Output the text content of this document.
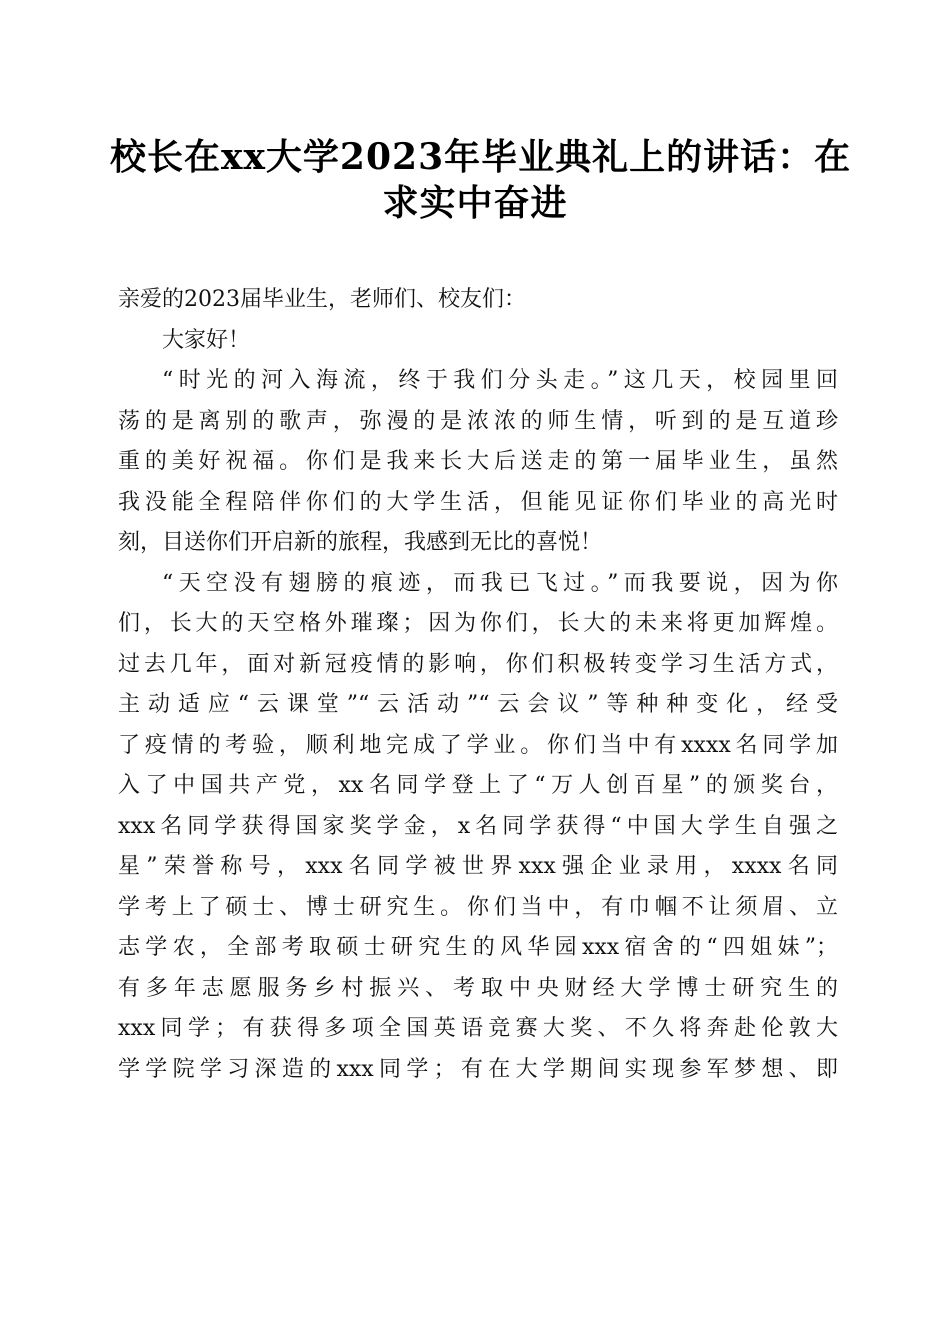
校长在xx大学2023年毕业典礼上的讲话：在
求实中奋进

亲爱的2023届毕业生，老师们、校友们：

大家好！

“时光的河入海流，终于我们分头走。”这几天，校园里回
荡的是离别的歌声，弥漫的是浓浓的师生情，听到的是互道珍
重的美好祝福。你们是我来长大后送走的第一届毕业生，虽然
我没能全程陪伴你们的大学生活，但能见证你们毕业的高光时
刻，目送你们开启新的旅程，我感到无比的喜悦！

“天空没有翅膀的痕迹，而我已飞过。”而我要说，因为你
们，长大的天空格外璀璨；因为你们，长大的未来将更加辉煌。
过去几年，面对新冠疫情的影响，你们积极转变学习生活方式，
主动适应“云课堂”“云活动”“云会议”等种种变化，经受
了疫情的考验，顺利地完成了学业。你们当中有xxxx名同学加
入了中国共产党，xx名同学登上了“万人创百星”的颁奖台，
xxx名同学获得国家奖学金，x名同学获得“中国大学生自强之
星”荣誉称号，xxx名同学被世界xxx强企业录用，xxxx名同
学考上了硕士、博士研究生。你们当中，有巾帼不让须眉、立
志学农，全部考取硕士研究生的风华园xxx宿舍的“四姐妹”；
有多年志愿服务乡村振兴、考取中央财经大学博士研究生的
xxx同学；有获得多项全国英语竞赛大奖、不久将奔赴伦敦大
学学院学习深造的xxx同学；有在大学期间实现参军梦想、即
